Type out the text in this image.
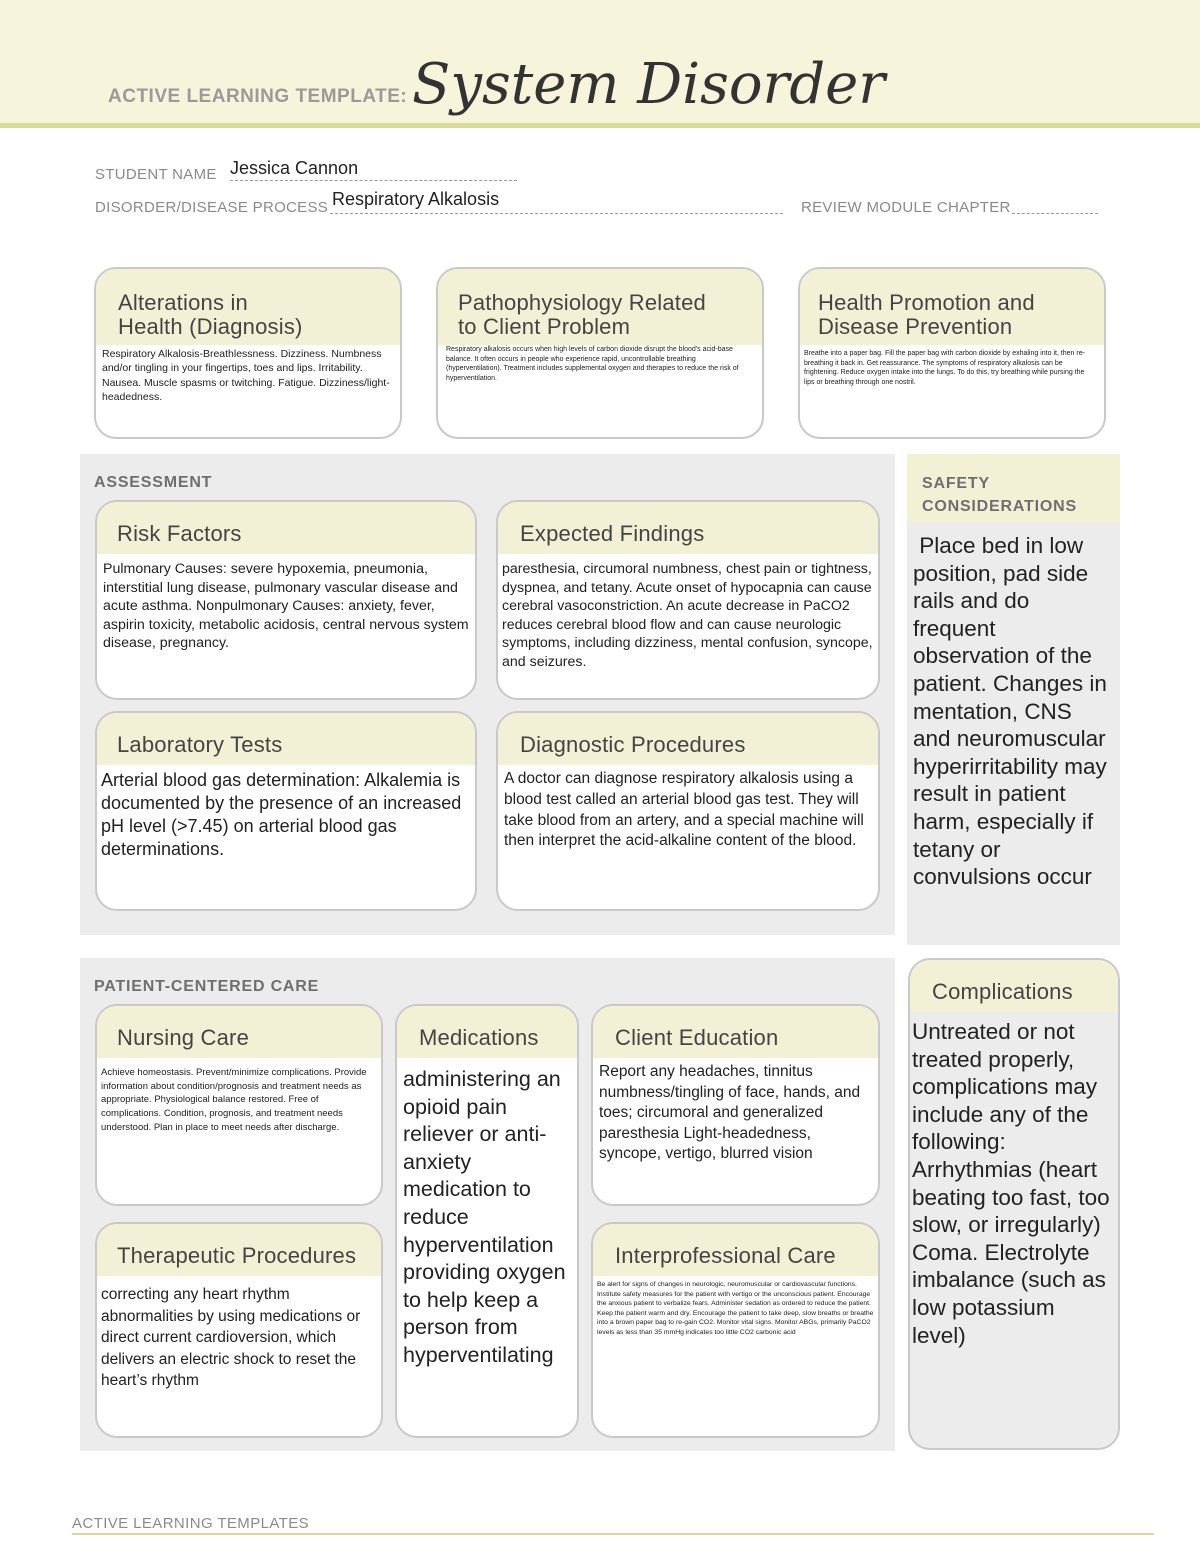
ACTIVE LEARNING TEMPLATE: System Disorder
STUDENT NAME Jessica Cannon
DISORDER/DISEASE PROCESS Respiratory Alkalosis	REVIEW MODULE CHAPTER
Alterations in
Health (Diagnosis)
Respiratory Alkalosis-Breathlessness. Dizziness. Numbness and/or tingling in your fingertips, toes and lips. Irritability. Nausea. Muscle spasms or twitching. Fatigue. Dizziness/light-headedness.
Pathophysiology Related
to Client Problem
Respiratory alkalosis occurs when high levels of carbon dioxide disrupt the blood's acid-base balance. It often occurs in people who experience rapid, uncontrollable breathing (hyperventilation). Treatment includes supplemental oxygen and therapies to reduce the risk of hyperventilation.
Health Promotion and
Disease Prevention
Breathe into a paper bag. Fill the paper bag with carbon dioxide by exhaling into it, then re-breathing it back in. Get reassurance. The symptoms of respiratory alkalosis can be frightening. Reduce oxygen intake into the lungs. To do this, try breathing while pursing the lips or breathing through one nostril.
ASSESSMENT
Risk Factors
Pulmonary Causes: severe hypoxemia, pneumonia, interstitial lung disease, pulmonary vascular disease and acute asthma. Nonpulmonary Causes: anxiety, fever, aspirin toxicity, metabolic acidosis, central nervous system disease, pregnancy.
Expected Findings
paresthesia, circumoral numbness, chest pain or tightness, dyspnea, and tetany. Acute onset of hypocapnia can cause cerebral vasoconstriction. An acute decrease in PaCO2 reduces cerebral blood flow and can cause neurologic symptoms, including dizziness, mental confusion, syncope, and seizures.
Laboratory Tests
Arterial blood gas determination: Alkalemia is documented by the presence of an increased pH level (>7.45) on arterial blood gas determinations.
Diagnostic Procedures
A doctor can diagnose respiratory alkalosis using a blood test called an arterial blood gas test. They will take blood from an artery, and a special machine will then interpret the acid-alkaline content of the blood.
SAFETY
CONSIDERATIONS
Place bed in low position, pad side rails and do frequent observation of the patient. Changes in mentation, CNS and neuromuscular hyperirritability may result in patient harm, especially if tetany or convulsions occur
PATIENT-CENTERED CARE
Nursing Care
Achieve homeostasis. Prevent/minimize complications. Provide information about condition/prognosis and treatment needs as appropriate. Physiological balance restored. Free of complications. Condition, prognosis, and treatment needs understood. Plan in place to meet needs after discharge.
Medications
administering an opioid pain reliever or anti-anxiety medication to reduce hyperventilation providing oxygen to help keep a person from hyperventilating
Client Education
Report any headaches, tinnitus numbness/tingling of face, hands, and toes; circumoral and generalized paresthesia Light-headedness, syncope, vertigo, blurred vision
Therapeutic Procedures
correcting any heart rhythm abnormalities by using medications or direct current cardioversion, which delivers an electric shock to reset the heart’s rhythm
Interprofessional Care
Be alert for signs of changes in neurologic, neuromuscular or cardiovascular functions. Institute safety measures for the patient with vertigo or the unconscious patient. Encourage the anxious patient to verbalize fears. Administer sedation as ordered to reduce the patient. Keep the patient warm and dry. Encourage the patient to take deep, slow breaths or breathe into a brown paper bag to re-gain CO2. Monitor vital signs. Monitor ABGs, primarily PaCO2 levels as less than 35 mmHg indicates too little CO2 carbonic acid
Complications
Untreated or not treated properly, complications may include any of the following: Arrhythmias (heart beating too fast, too slow, or irregularly) Coma. Electrolyte imbalance (such as low potassium level)
ACTIVE LEARNING TEMPLATES
